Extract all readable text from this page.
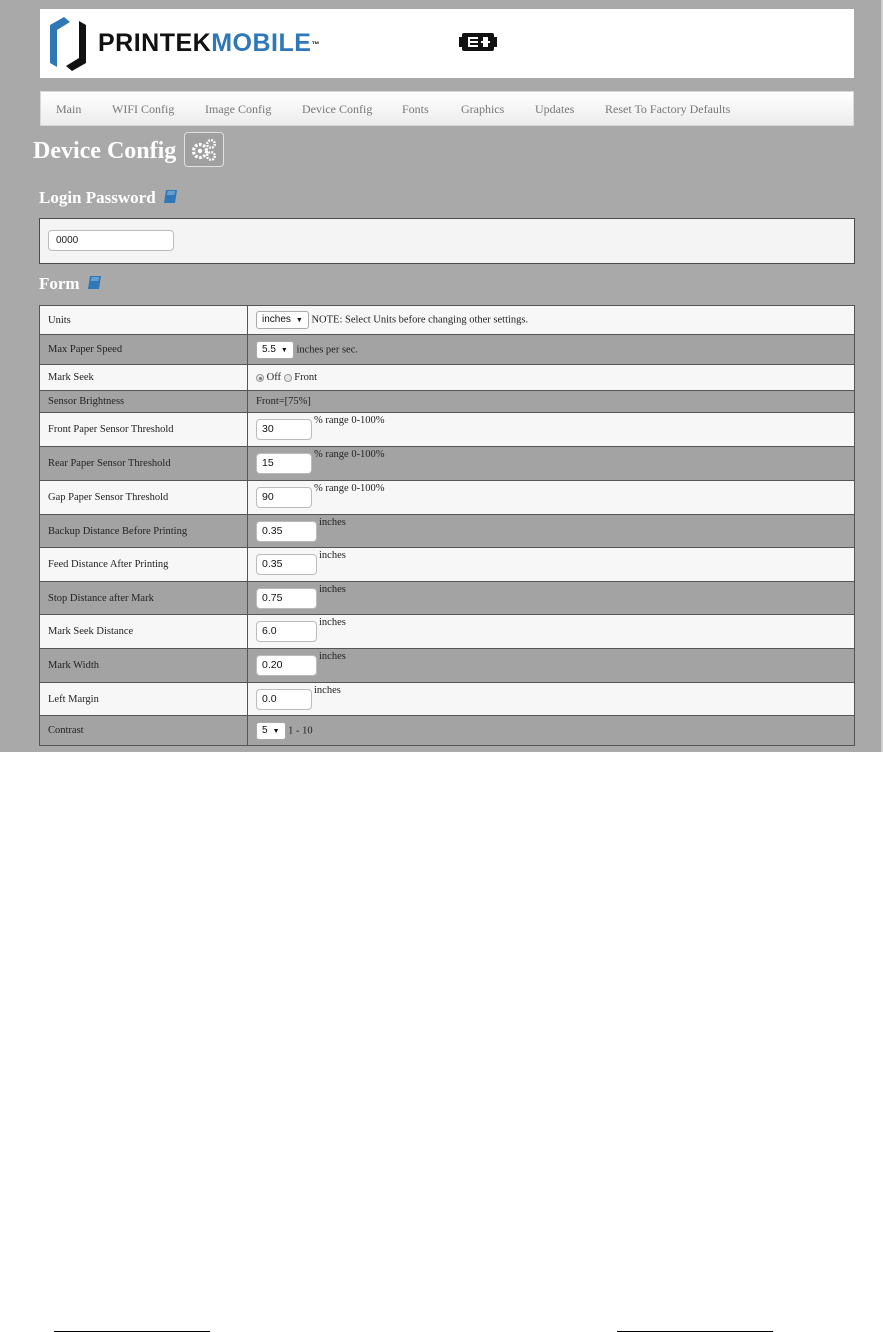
PRINTEKMOBILE™
Main	WIFI Config	Image Config	Device Config Fonts	Graphics	Updates	Reset To Factory Defaults
Device Config
Login Password
0000
Form
Units	inches ▼ NOTE: Select Units before changing other settings.
Max Paper Speed	5.5 ▼ inches per sec.
Mark Seek	Off Front
Sensor Brightness	Front=[75%]
Front Paper Sensor Threshold	30% range 0-100%
Rear Paper Sensor Threshold	15% range 0-100%
Gap Paper Sensor Threshold	90% range 0-100%
Backup Distance Before Printing	0.35inches
Feed Distance After Printing	0.35inches
Stop Distance after Mark	0.75inches
Mark Seek Distance	6.0inches
Mark Width	0.20inches
Left Margin	0.0inches
Contrast	5 ▼ 1 - 10
